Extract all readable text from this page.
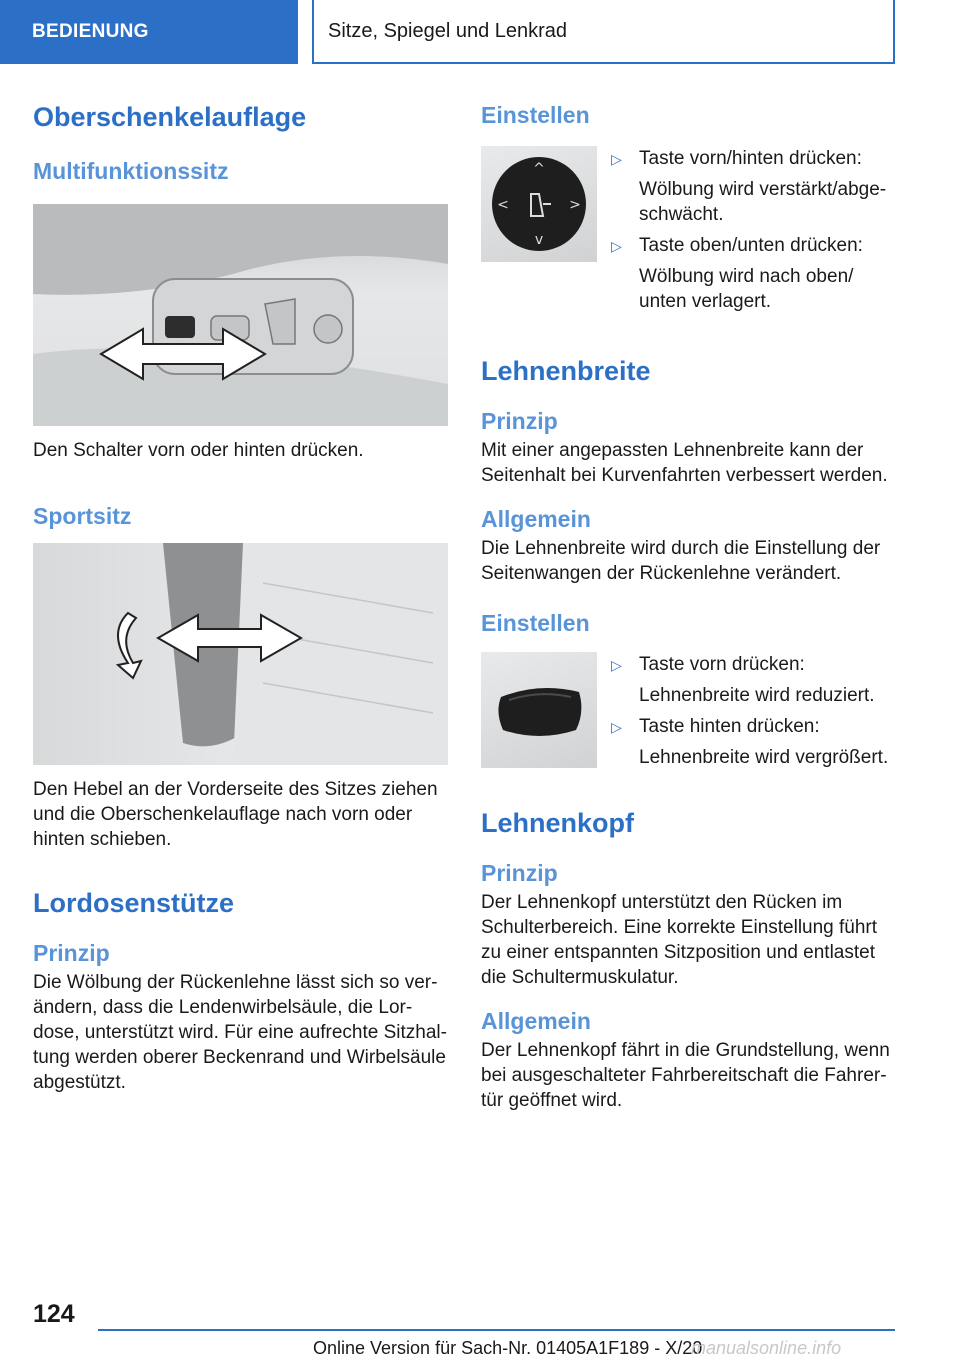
BEDIENUNG	Sitze, Spiegel und Lenkrad
Oberschenkelauflage
Multifunktionssitz

Den Schalter vorn oder hinten drücken.

Sportsitz

Den Hebel an der Vorderseite des Sitzes ziehen und die Oberschenkelauflage nach vorn oder hinten schieben.

Lordosenstütze
Prinzip

Die Wölbung der Rückenlehne lässt sich so verändern, dass die Lendenwirbelsäule, die Lordose, unterstützt wird. Für eine aufrechte Sitzhaltung werden oberer Beckenrand und Wirbelsäule abgestützt.

Einstellen
^
v
<	>
▷ Taste vorn/hinten drücken:
Wölbung wird verstärkt/abgeschwächt.
▷ Taste oben/unten drücken:
Wölbung wird nach oben/ unten verlagert.
Lehnenbreite
Prinzip

Mit einer angepassten Lehnenbreite kann der Seitenhalt bei Kurvenfahrten verbessert werden.

Allgemein

Die Lehnenbreite wird durch die Einstellung der Seitenwangen der Rückenlehne verändert.

Einstellen
▷ Taste vorn drücken:
Lehnenbreite wird reduziert.
▷ Taste hinten drücken:
Lehnenbreite wird vergrößert.
Lehnenkopf
Prinzip

Der Lehnenkopf unterstützt den Rücken im Schulterbereich. Eine korrekte Einstellung führt zu einer entspannten Sitzposition und entlastet die Schultermuskulatur.

Allgemein

Der Lehnenkopf fährt in die Grundstellung, wenn bei ausgeschalteter Fahrbereitschaft die Fahrertür geöffnet wird.

124
Online Version für Sach-Nr. 01405A1F189 - X/20
manualsonline.info
